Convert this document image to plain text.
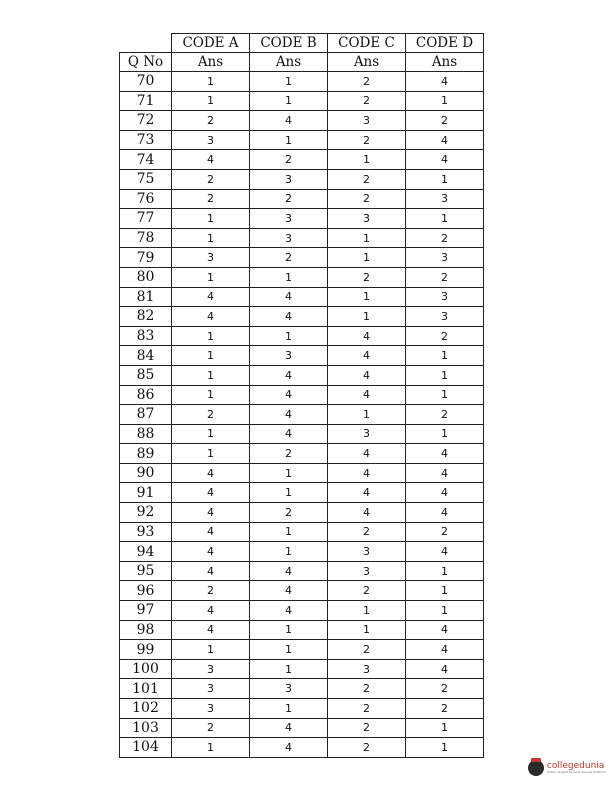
	CODE A	CODE B	CODE C	CODE D
Q No	Ans	Ans	Ans	Ans
70	1	1	2	4
71	1	1	2	1
72	2	4	3	2
73	3	1	2	4
74	4	2	1	4
75	2	3	2	1
76	2	2	2	3
77	1	3	3	1
78	1	3	1	2
79	3	2	1	3
80	1	1	2	2
81	4	4	1	3
82	4	4	1	3
83	1	1	4	2
84	1	3	4	1
85	1	4	4	1
86	1	4	4	1
87	2	4	1	2
88	1	4	3	1
89	1	2	4	4
90	4	1	4	4
91	4	1	4	4
92	4	2	4	4
93	4	1	2	2
94	4	1	3	4
95	4	4	3	1
96	2	4	2	1
97	4	4	1	1
98	4	1	1	4
99	1	1	2	4
100	3	1	3	4
101	3	3	2	2
102	3	1	2	2
103	2	4	2	1
104	1	4	2	1
collegedunia
India's largest Student Review Platform
